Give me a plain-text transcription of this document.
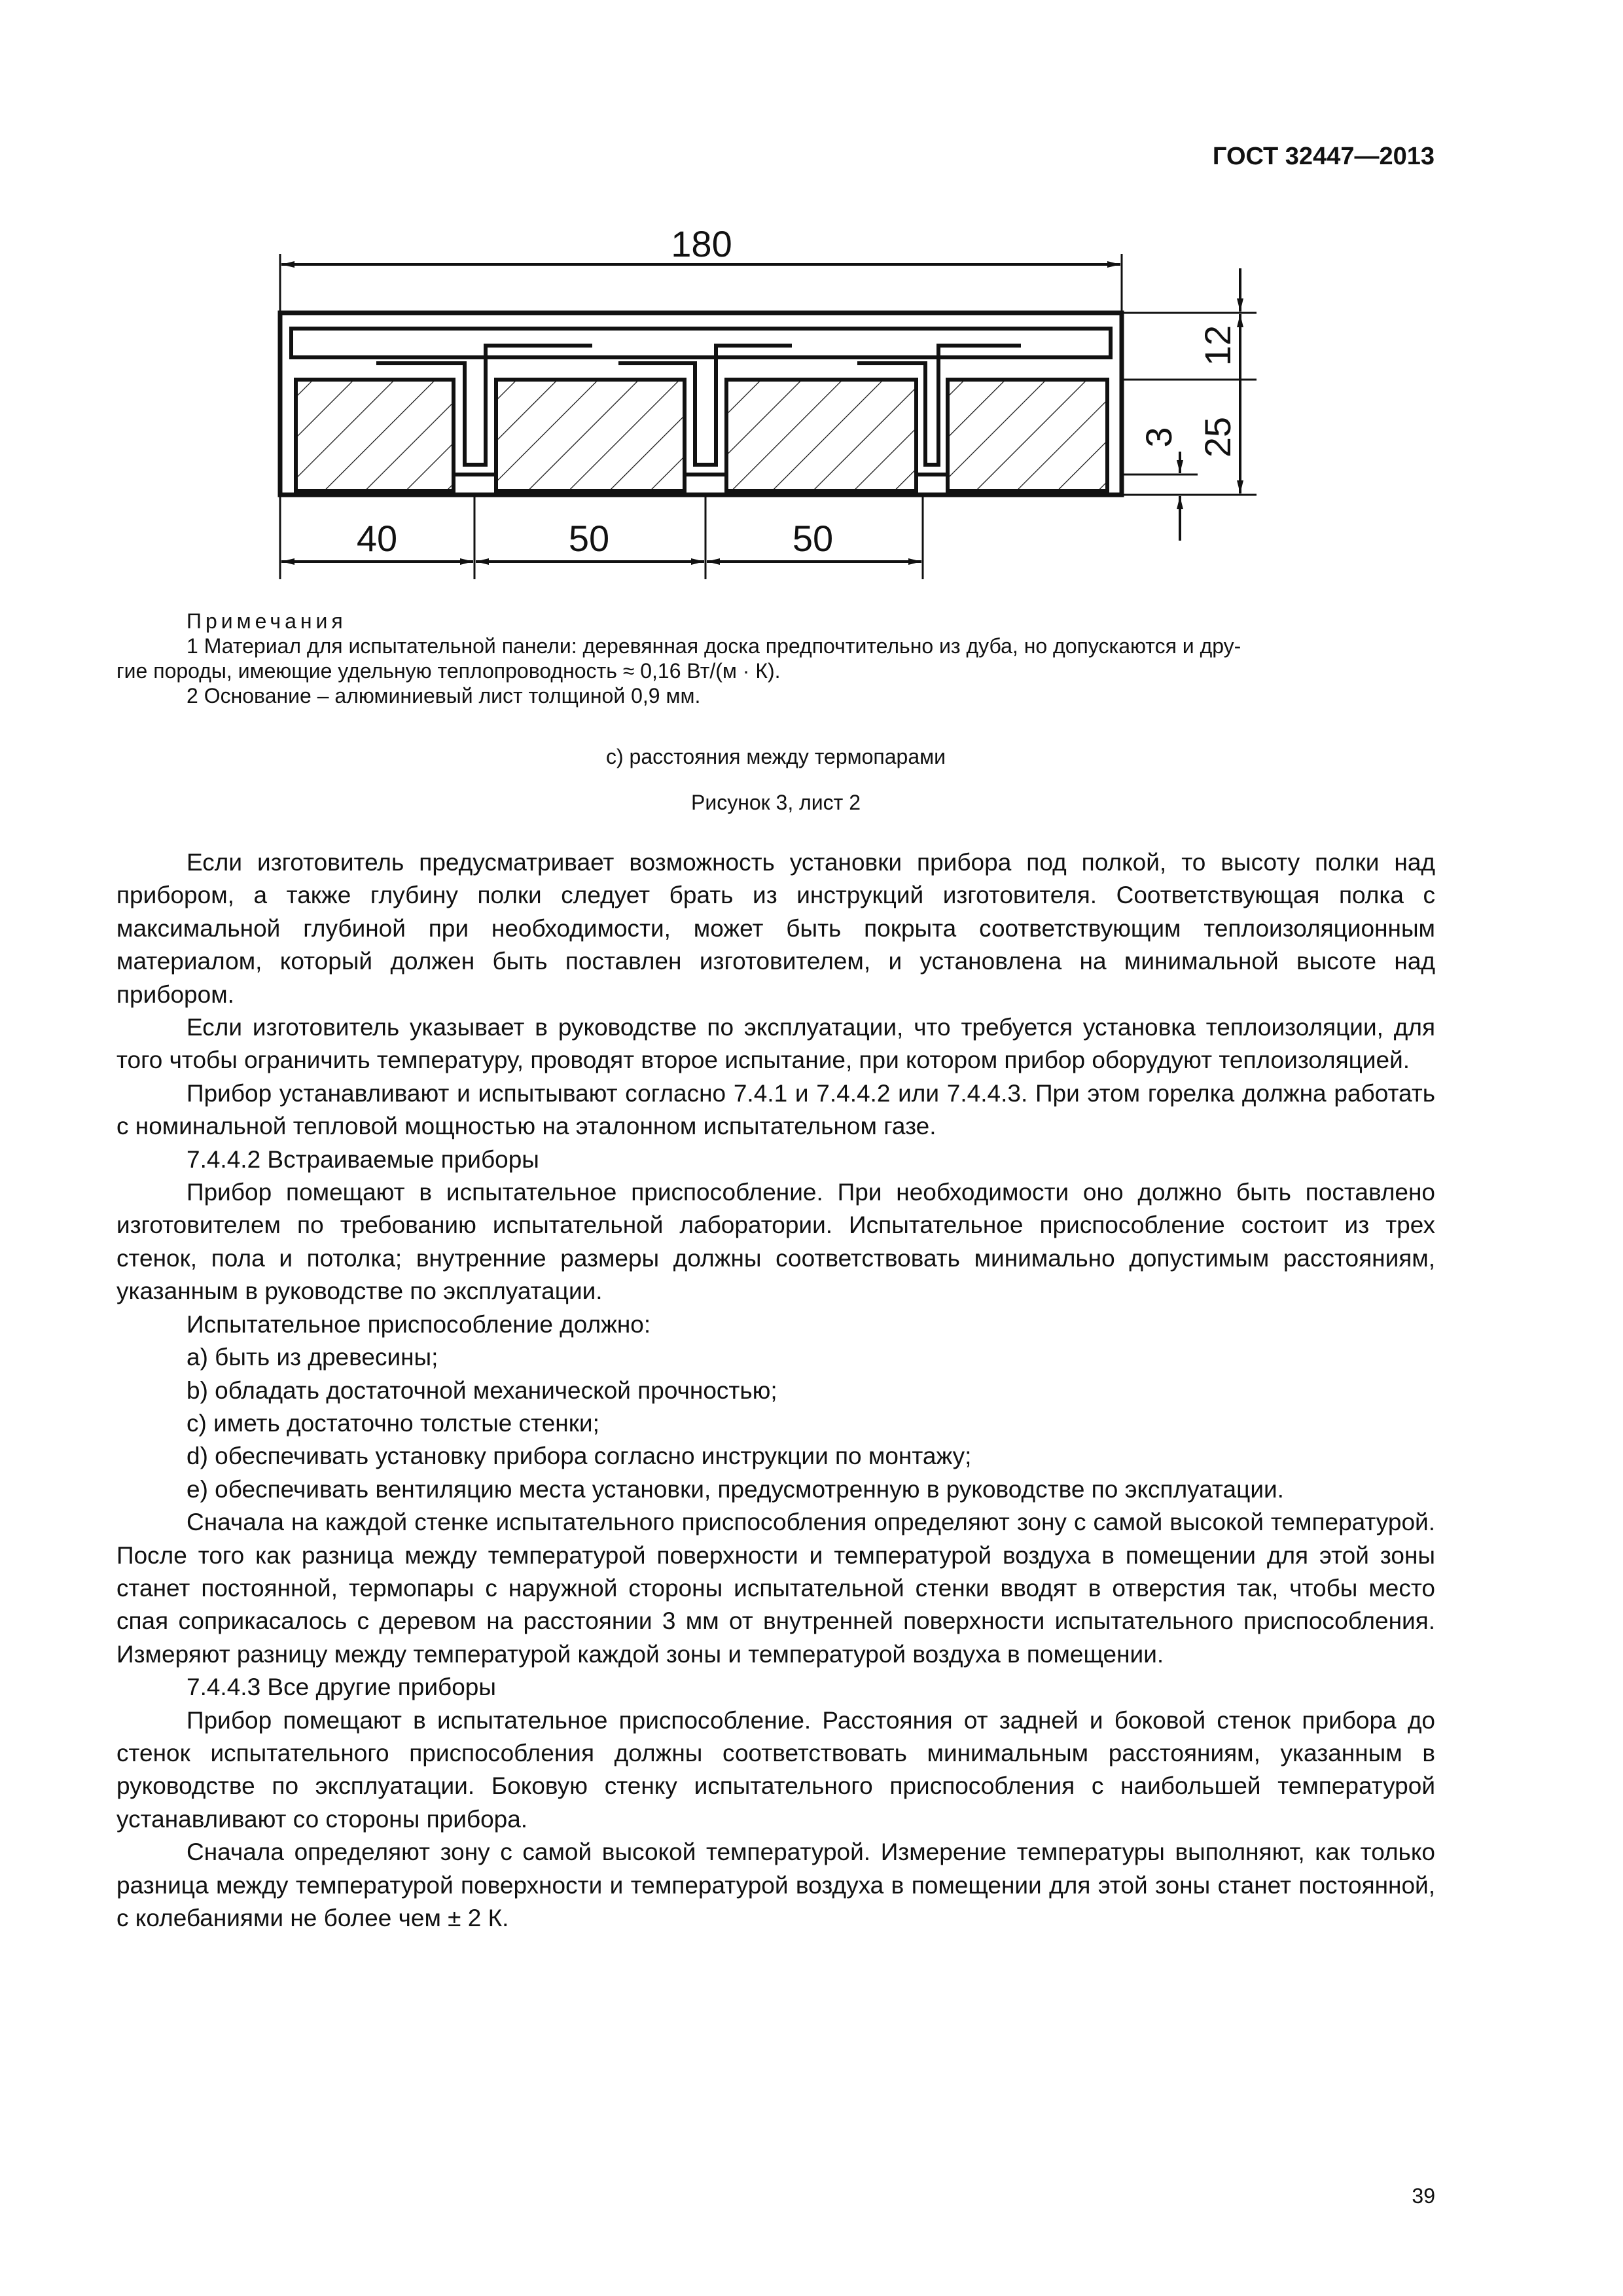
ГОСТ 32447—2013
180
40	50	50
12
25
3
Примечания
1 Материал для испытательной панели: деревянная доска предпочтительно из дуба, но допускаются и дру-
гие породы, имеющие удельную теплопроводность ≈ 0,16 Вт/(м · К).
2 Основание – алюминиевый лист толщиной 0,9 мм.
с) расстояния между термопарами
Рисунок 3, лист 2

Если изготовитель предусматривает возможность установки прибора под полкой, то высоту полки над прибором, а также глубину полки следует брать из инструкций изготовителя. Соответствующая полка с максимальной глубиной при необходимости, может быть покрыта соответствующим теплоизоляционным материалом, который должен быть поставлен изготовителем, и установлена на минимальной высоте над прибором.

Если изготовитель указывает в руководстве по эксплуатации, что требуется установка теплоизоляции, для того чтобы ограничить температуру, проводят второе испытание, при котором прибор оборудуют теплоизоляцией.

Прибор устанавливают и испытывают согласно 7.4.1 и 7.4.4.2 или 7.4.4.3. При этом горелка должна работать с номинальной тепловой мощностью на эталонном испытательном газе.

7.4.4.2 Встраиваемые приборы

Прибор помещают в испытательное приспособление. При необходимости оно должно быть поставлено изготовителем по требованию испытательной лаборатории. Испытательное приспособление состоит из трех стенок, пола и потолка; внутренние размеры должны соответствовать минимально допустимым расстояниям, указанным в руководстве по эксплуатации.

Испытательное приспособление должно:

a) быть из древесины;

b) обладать достаточной механической прочностью;

c) иметь достаточно толстые стенки;

d) обеспечивать установку прибора согласно инструкции по монтажу;

e) обеспечивать вентиляцию места установки, предусмотренную в руководстве по эксплуатации.

Сначала на каждой стенке испытательного приспособления определяют зону с самой высокой температурой. После того как разница между температурой поверхности и температурой воздуха в помещении для этой зоны станет постоянной, термопары с наружной стороны испытательной стенки вводят в отверстия так, чтобы место спая соприкасалось с деревом на расстоянии 3 мм от внутренней поверхности испытательного приспособления. Измеряют разницу между температурой каждой зоны и температурой воздуха в помещении.

7.4.4.3 Все другие приборы

Прибор помещают в испытательное приспособление. Расстояния от задней и боковой стенок прибора до стенок испытательного приспособления должны соответствовать минимальным расстояниям, указанным в руководстве по эксплуатации. Боковую стенку испытательного приспособления с наибольшей температурой устанавливают со стороны прибора.

Сначала определяют зону с самой высокой температурой. Измерение температуры выполняют, как только разница между температурой поверхности и температурой воздуха в помещении для этой зоны станет постоянной, с колебаниями не более чем ± 2 К.

39
